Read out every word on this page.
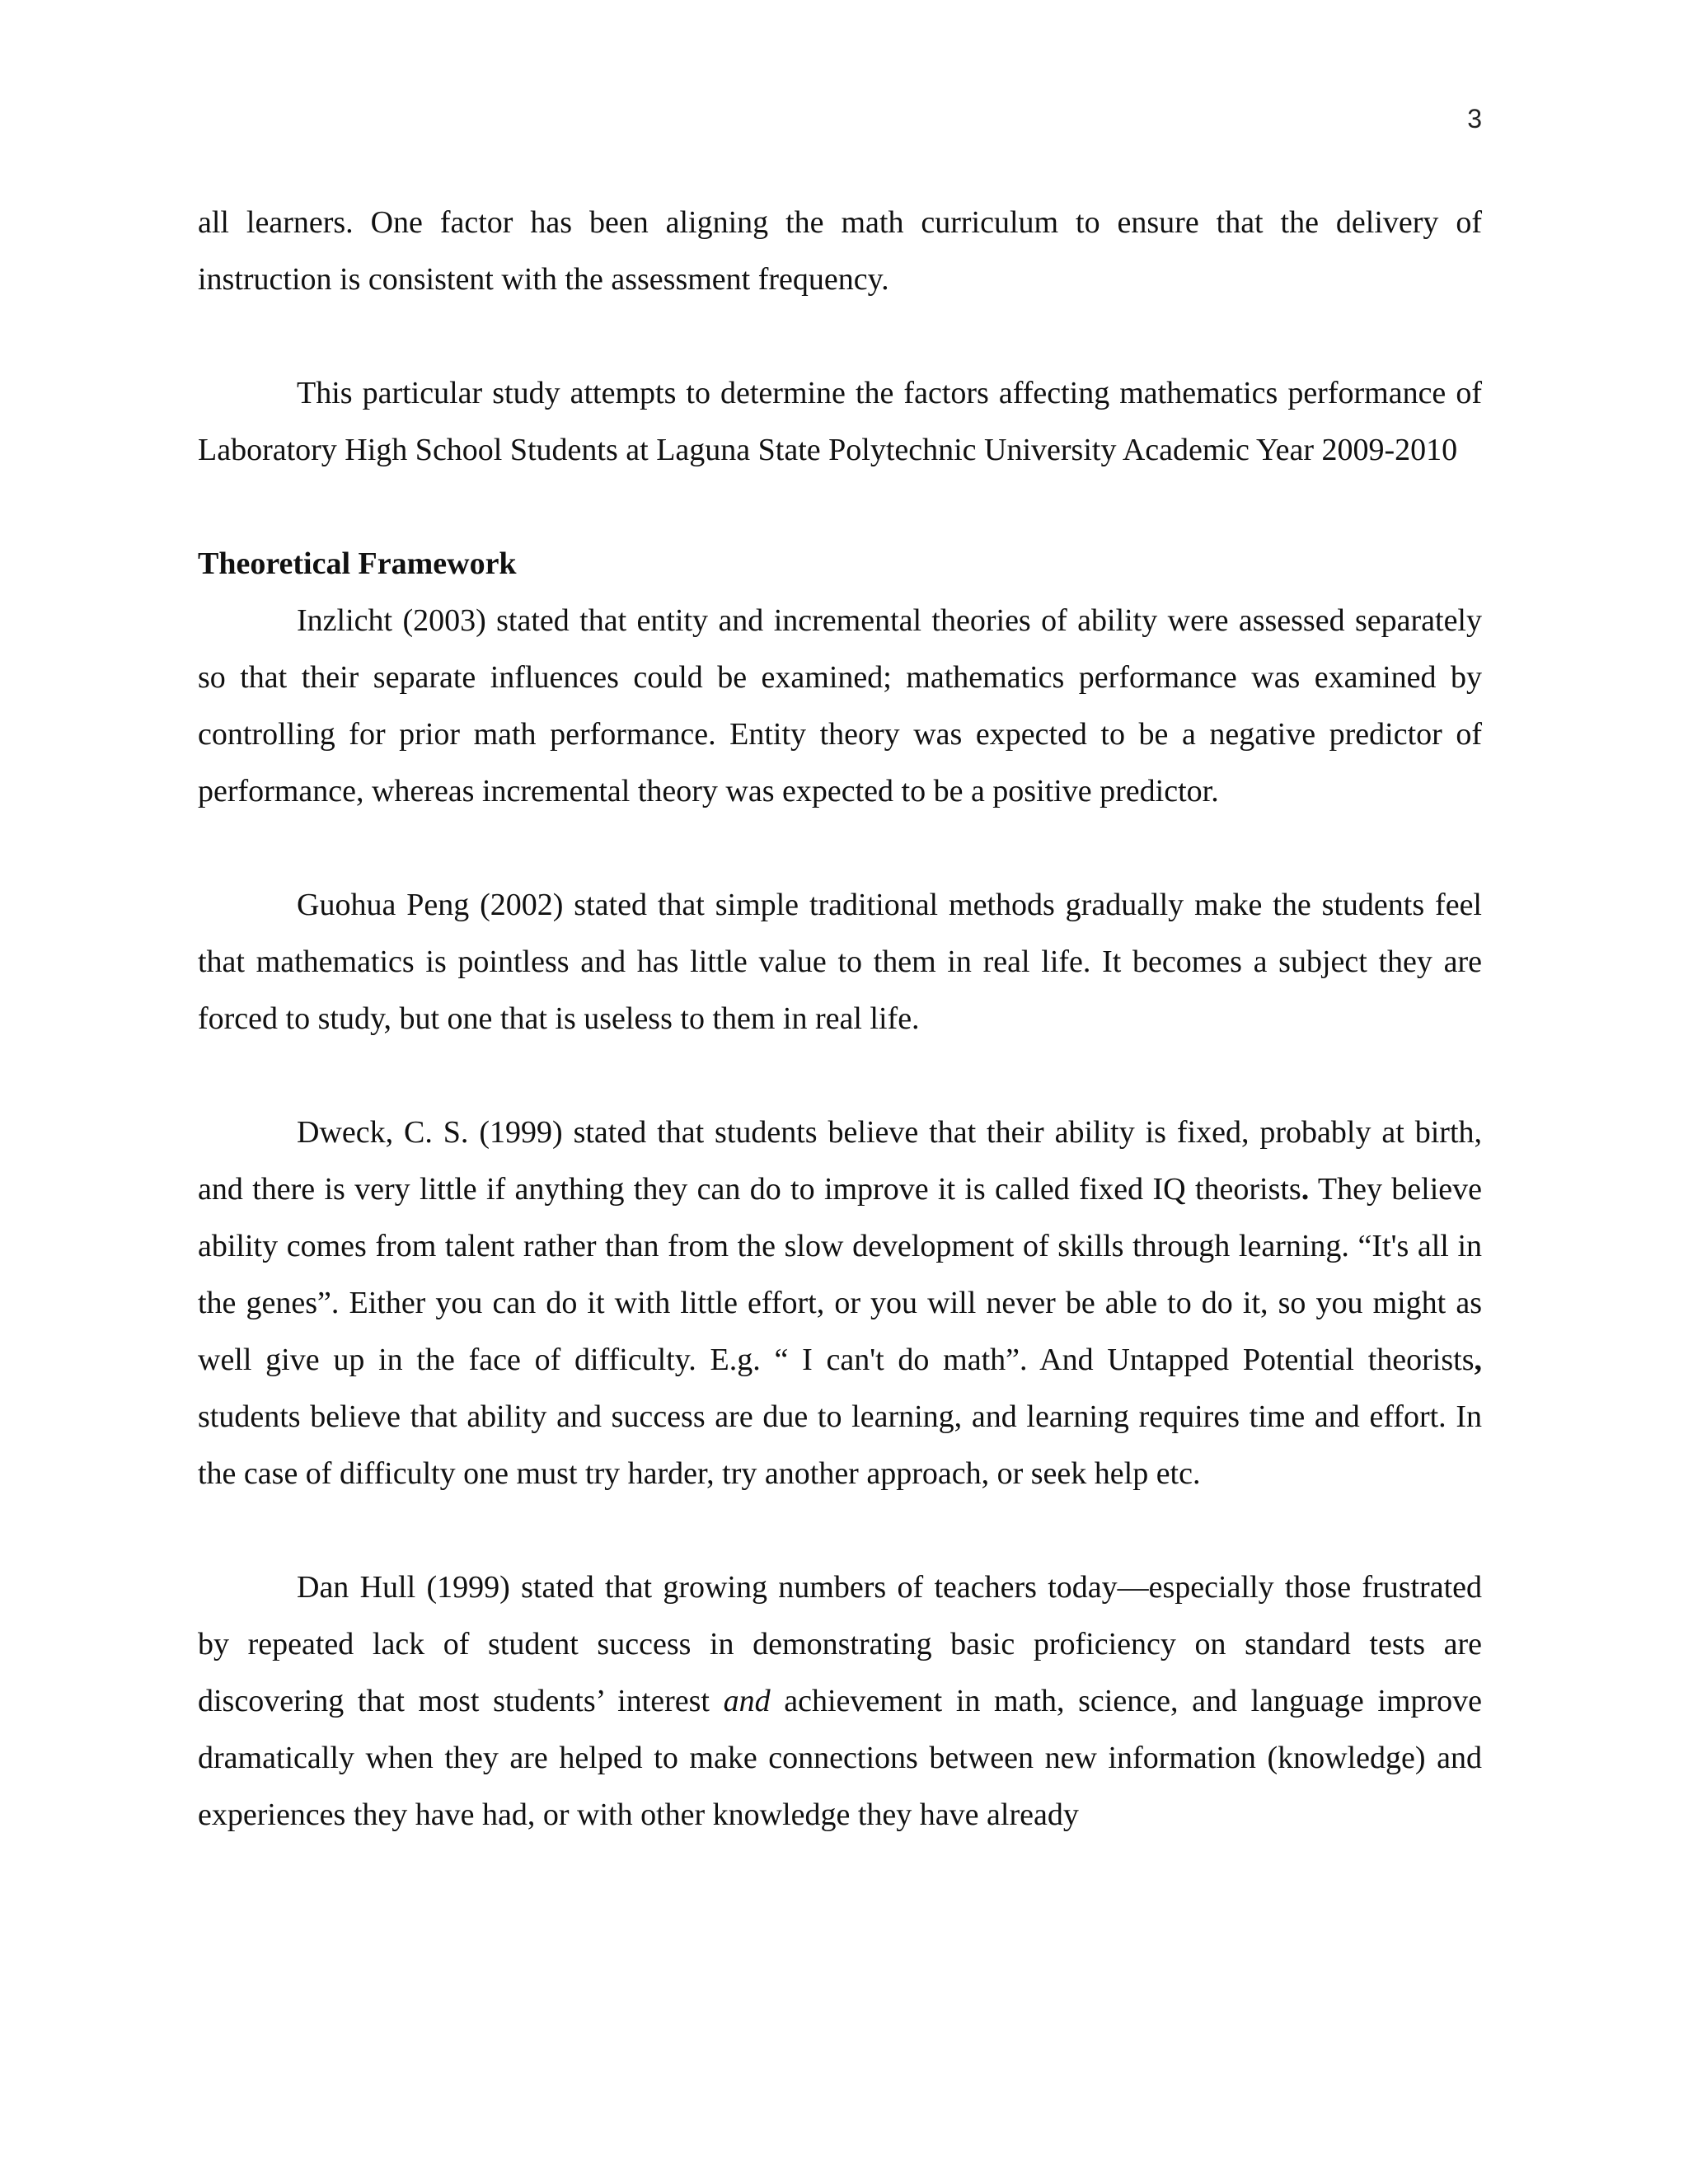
3

all learners. One factor has been aligning the math curriculum to ensure that the delivery of instruction is consistent with the assessment frequency.

This particular study attempts to determine the factors affecting mathematics performance of Laboratory High School Students at Laguna State Polytechnic University Academic Year 2009-2010

Theoretical Framework

Inzlicht (2003) stated that entity and incremental theories of ability were assessed separately so that their separate influences could be examined; mathematics performance was examined by controlling for prior math performance. Entity theory was expected to be a negative predictor of performance, whereas incremental theory was expected to be a positive predictor.

Guohua Peng (2002) stated that simple traditional methods gradually make the students feel that mathematics is pointless and has little value to them in real life. It becomes a subject they are forced to study, but one that is useless to them in real life.

Dweck, C. S. (1999) stated that students believe that their ability is fixed, probably at birth, and there is very little if anything they can do to improve it is called fixed IQ theorists. They believe ability comes from talent rather than from the slow development of skills through learning. “It's all in the genes”. Either you can do it with little effort, or you will never be able to do it, so you might as well give up in the face of difficulty. E.g. “ I can't do math”. And Untapped Potential theorists, students believe that ability and success are due to learning, and learning requires time and effort. In the case of difficulty one must try harder, try another approach, or seek help etc.

Dan Hull (1999) stated that growing numbers of teachers today—especially those frustrated by repeated lack of student success in demonstrating basic proficiency on standard tests are discovering that most students’ interest and achievement in math, science, and language improve dramatically when they are helped to make connections between new information (knowledge) and experiences they have had, or with other knowledge they have already
